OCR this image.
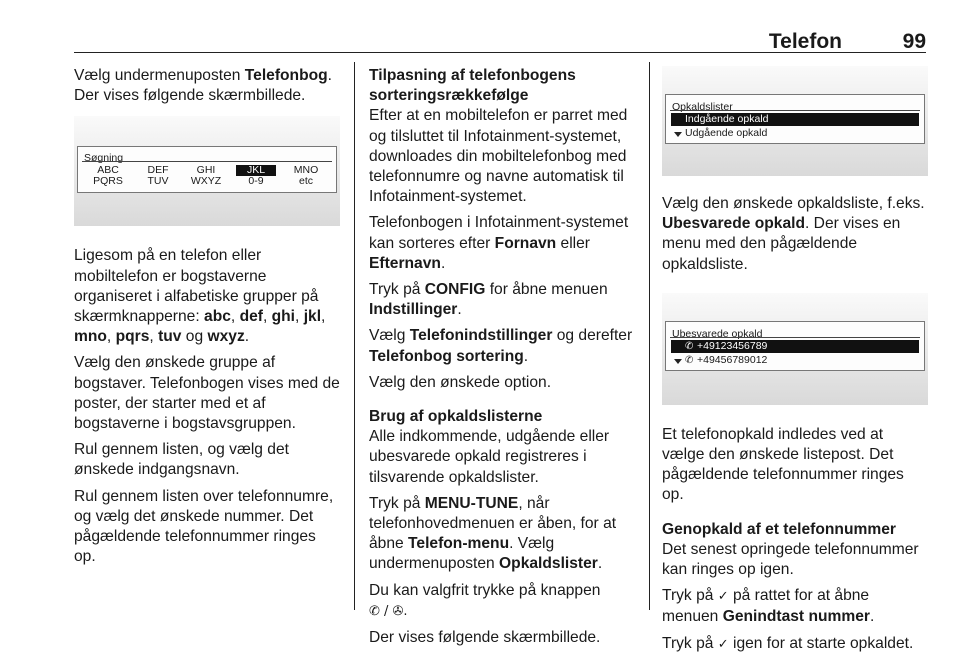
Telefon	99

Vælg undermenuposten Telefonbog. Der vises følgende skærmbillede.

Søgning
ABC
PQRS
DEF
TUV
GHI
WXYZ
JKL
0-9
MNO
etc

Ligesom på en telefon eller mobiltelefon er bogstaverne organiseret i alfabetiske grupper på skærmknapperne: abc, def, ghi, jkl, mno, pqrs, tuv og wxyz.

Vælg den ønskede gruppe af bogstaver. Telefonbogen vises med de poster, der starter med et af bogstaverne i bogstavsgruppen.

Rul gennem listen, og vælg det ønskede indgangsnavn.

Rul gennem listen over telefonnumre, og vælg det ønskede nummer. Det pågældende telefonnummer ringes op.

Tilpasning af telefonbogens sorteringsrækkefølge

Efter at en mobiltelefon er parret med og tilsluttet til Infotainment-systemet, downloades din mobiltelefonbog med telefonnumre og navne automatisk til Infotainment-systemet.

Telefonbogen i Infotainment-systemet kan sorteres efter Fornavn eller Efternavn.

Tryk på CONFIG for åbne menuen Indstillinger.

Vælg Telefonindstillinger og derefter Telefonbog sortering.

Vælg den ønskede option.

Brug af opkaldslisterne

Alle indkommende, udgående eller ubesvarede opkald registreres i tilsvarende opkaldslister.

Tryk på MENU-TUNE, når telefonhovedmenuen er åben, for at åbne Telefon-menu. Vælg undermenuposten Opkaldslister.

Du kan valgfrit trykke på knappen
✆ / ✇.

Der vises følgende skærmbillede.

Opkaldslister
Indgående opkald
Udgående opkald

Vælg den ønskede opkaldsliste, f.eks. Ubesvarede opkald. Der vises en menu med den pågældende opkaldsliste.

Ubesvarede opkald
✆ +49123456789
✆ +49456789012

Et telefonopkald indledes ved at vælge den ønskede listepost. Det pågældende telefonnummer ringes op.

Genopkald af et telefonnummer

Det senest opringede telefonnummer kan ringes op igen.

Tryk på ✓ på rattet for at åbne menuen Genindtast nummer.

Tryk på ✓ igen for at starte opkaldet.
